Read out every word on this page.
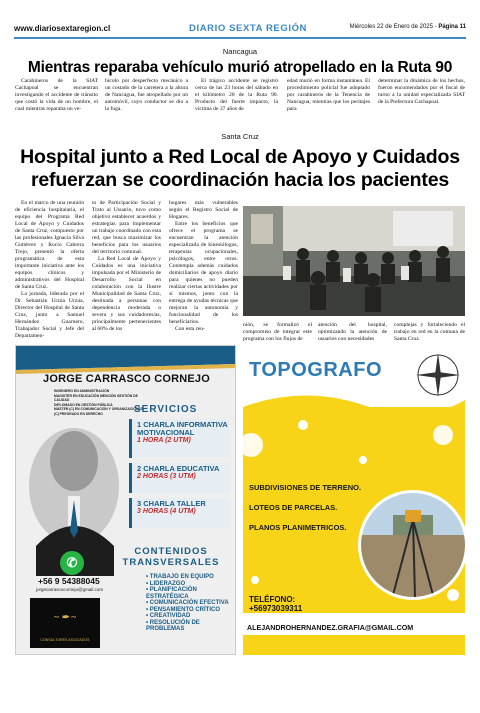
www.diariosextaregion.cl	DIARIO SEXTA REGIÓN	Miércoles 22 de Enero de 2025 - Página 11
Nancagua
Mientras reparaba vehículo murió atropellado en la Ruta 90

Carabineros de la SIAT Cachapoal se encuentran investigando el accidente de tránsito que costó la vida de un hombre, el cual mientras reparaba un ve-

hículo por desperfecto mecánico a un costado de la carretera a la altura de Nancagua, fue atropellado por un automóvil, cuyo conductor se dio a la fuga.

El trágico accidente se registró cerca de las 23 horas del sábado en el kilómetro 28 de la Ruta 90. Producto del fuerte impacto, la víctima de 37 años de

edad murió en forma instantánea. El procedimiento policial fue adoptado por carabineros de la Tenencia de Nancagua, mientras que los peritajes para

determinar la dinámica de los hechos, fueron encomendados por el fiscal de turno a la unidad especializada SIAT de la Prefectura Cachapoal.

Santa Cruz
Hospital junto a Red Local de Apoyo y Cuidados
refuerzan se coordinación hacia los pacientes

En el marco de una reunión de eficiencia hospitalaria, el equipo del Programa Red Local de Apoyo y Cuidados de Santa Cruz, compuesto por las profesionales Ignacia Silva Gutiérrez y Rocío Cabrera Trejo, presentó la oferta programática de esta importante iniciativa ante los equipos clínicos y administrativos del Hospital de Santa Cruz.

La jornada, liderada por el Dr. Sebastián Urzúa Urzúa, Director del Hospital de Santa Cruz, junto a Samuel Hernández Guarnero, Trabajador Social y Jefe del Departamen-

to de Participación Social y Trato al Usuario, tuvo como objetivo establecer acuerdos y estrategias para implementar un trabajo coordinado con esta red, que busca maximizar los beneficios para los usuarios del territorio comunal.

La Red Local de Apoyo y Cuidados es una iniciativa impulsada por el Ministerio de Desarrollo Social en colaboración con la Ilustre Municipalidad de Santa Cruz, destinada a personas con dependencia moderada o severa y sus cuidadores/as, principalmente pertenecientes al 60% de los

hogares más vulnerables según el Registro Social de Hogares.

Entre los beneficios que ofrece el programa se encuentran la atención especializada de kinesiólogos, terapeutas ocupacionales, psicólogos, entre otros. Contempla además cuidados domiciliarios de apoyo diario para quienes no pueden realizar ciertas actividades por sí mismos, junto con la entrega de ayudas técnicas que mejoran la autonomía y funcionalidad de los beneficiarios.

Con esta reu-

nión, se formalizó el compromiso de integrar este programa con los flujos de

atención del hospital, optimizando la atención de usuarios con necesidades

complejas y fortaleciendo el trabajo en red en la comuna de Santa Cruz.

JORGE CARRASCO CORNEJO
INGENIERO EN ADMINISTRACIÓN
MAGISTER EN EDUCACIÓN MENCIÓN GESTIÓN DE CALIDAD
DIPLOMADO EN GESTIÓN PÚBLICA
MÁSTER (C) EN COMUNICACIÓN Y ORGANIZACIONES
(C) PREGRADO EN DERECHO	SERVICIOS
1 CHARLA INFORMATIVA MOTIVACIONAL
1 HORA (2 UTM)
2 CHARLA EDUCATIVA
2 HORAS (3 UTM)
3 CHARLA TALLER
3 HORAS (4 UTM)
CONTENIDOS
TRANSVERSALES
• TRABAJO EN EQUIPO
• LIDERAZGO
• PLANIFICACIÓN ESTRATÉGICA
• COMUNICACIÓN EFECTIVA
• PENSAMIENTO CRÍTICO
• CREATIVIDAD
• RESOLUCIÓN DE PROBLEMAS
✆
+56 9 54388045
jorgecarrascocornejo@gmail.com
~ ✒ ~
CONSULTORES ASOCIADOS
TOPOGRAFO
SUBDIVISIONES DE TERRENO.
LOTEOS DE PARCELAS.
PLANOS PLANIMETRICOS.
TELÉFONO:
+56973039311
ALEJANDROHERNANDEZ.GRAFIA@GMAIL.COM
